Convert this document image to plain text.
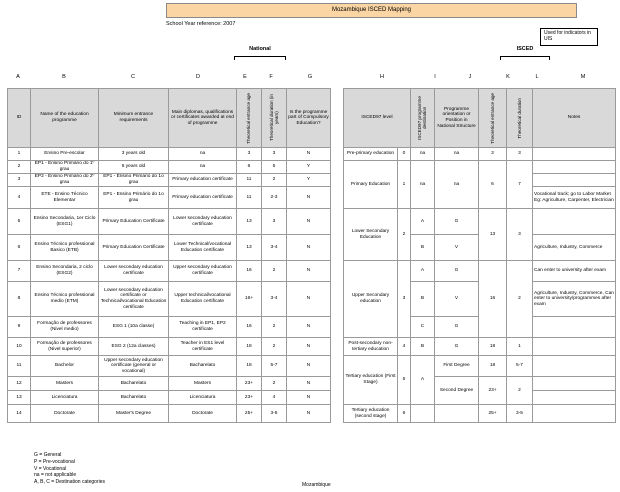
Mozambique ISCED Mapping
School Year reference: 2007
National	ISCED
Used for indicators in UIS
A	B	C	D	E	F	G	H	I	J	K	L	M
ID	Name of the education programme	Minimum entrance requirements	Main diplomas, qualifications or certificates awarded at end of programme	Theoretical entrance age	Theoretical duration (in years)	Is the programme part of Compulsory Education?
1	Ensino Pre-escolar	3 years old	na	3	3	N
2	EP1 - Ensino Primário do 1º grau	6 years old	na	6	5	Y
3	EP2 - Ensino Primário do 2º grau	EP1 - Ensino Primário do 1o grau	Primary education certificate	11	2	Y
4	ETE - Ensino Técnico Elementar	EP1 - Ensino Primário do 1o grau	Primary education certificate	11	2-3	N
5	Ensino Secondaria, 1er Ciclo (ESG1)	Primary Education Certificate	Lower secondary education certificate	13	3	N
6	Ensino Técnico professional Basico (ETB)	Primary Education Certificate	Lower Technical/vocational Education certificate	13	3-4	N
7	Ensino Secondaria, 2 ciclo (ESG2)	Lower secondary education certificate	Upper secondary education certificate	16	2	N
8	Ensino Técnico professional medio (ETM)	Lower secondary education certificate or Technical/vocational Education certificate	Upper technical/vocational Education certificate	16+	3-4	N
9	Formação de professores (Nivel medio)	ESG 1 (10a classe)	Teaching in EP1, EP2 certificate	16	2	N
10	Formação de professores (Nivel superior)	ESG 2 (12a classes)	Teacher in ES1 level certificate	18	2	N
11	Bachelor	Upper secondary education certificate (general or vocational)	Bacharelato	18	5-7	N
12	Masters	Bacharelato	Masters	23+	2	N
13	Licenciatura	Bacharelato	Licenciatura	23+	4	N
14	Doctorate	Master's Degree	Doctorate	25+	3-5	N
ISCED97 level		ISCED97 programme destination	Programme orientation or Position in National Structure	Theoretical entrance age	Theoretical duration	Notes
Pre-primary education	0	na	na	3	3	
Primary Education	1	na	na	6	7	

						Vocational track; go to Labor Market Eg: Agriculture, Carpenter, Electrician
Lower Secondary Education	2	A	G	13	3	
		B	V			Agriculture, Industry, Commerce
Upper Secondary education	3	A	G	16	2	Can enter to university after exam
		B	V			Agriculture, Industry, Commerce, Can enter to university/programmes after exam
		C	G			
Post-secondary non-tertiary education	4	B	G	18	1	
Tertiary education (First Stage)	5	A	First Degree	18	5-7	
			Second Degree	23+	2	

Tertiary education (second stage)	6			25+	3-5	
G = General
P = Pre-vocational
V = Vocational
na = not applicable
A, B, C = Destination categories	Mozambique
